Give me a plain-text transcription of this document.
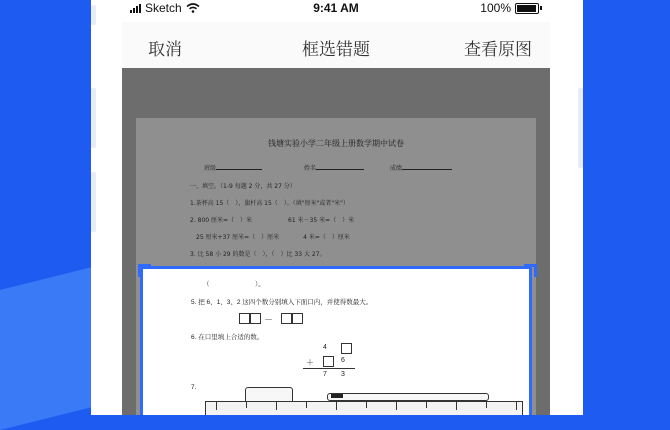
Sketch	9:41 AM	100%
取消	框选错题	查看原图
钱塘实验小学二年级上册数学期中试卷
班级	姓名	成绩
一、填空。（1-9 每题 2 分，共 27 分）
1.茶杯高 15（　），旗杆高 15（　）。（填"厘米"或者"米"）
2. 800 厘米=（　）米　　　　　　61 米－35 米=（　）米
　25 厘米+37 厘米=（　）厘米　　　　4 米=（　）厘米
3. 比 58 小 29 的数是（　），（　）比 33 大 27。
（　　　　　　　）。
5. 把 6、1、3、2 这四个数分别填入下面口内，并使得数最大。
－
6. 在口里填上合适的数。
4
＋	6
7 3
7.
